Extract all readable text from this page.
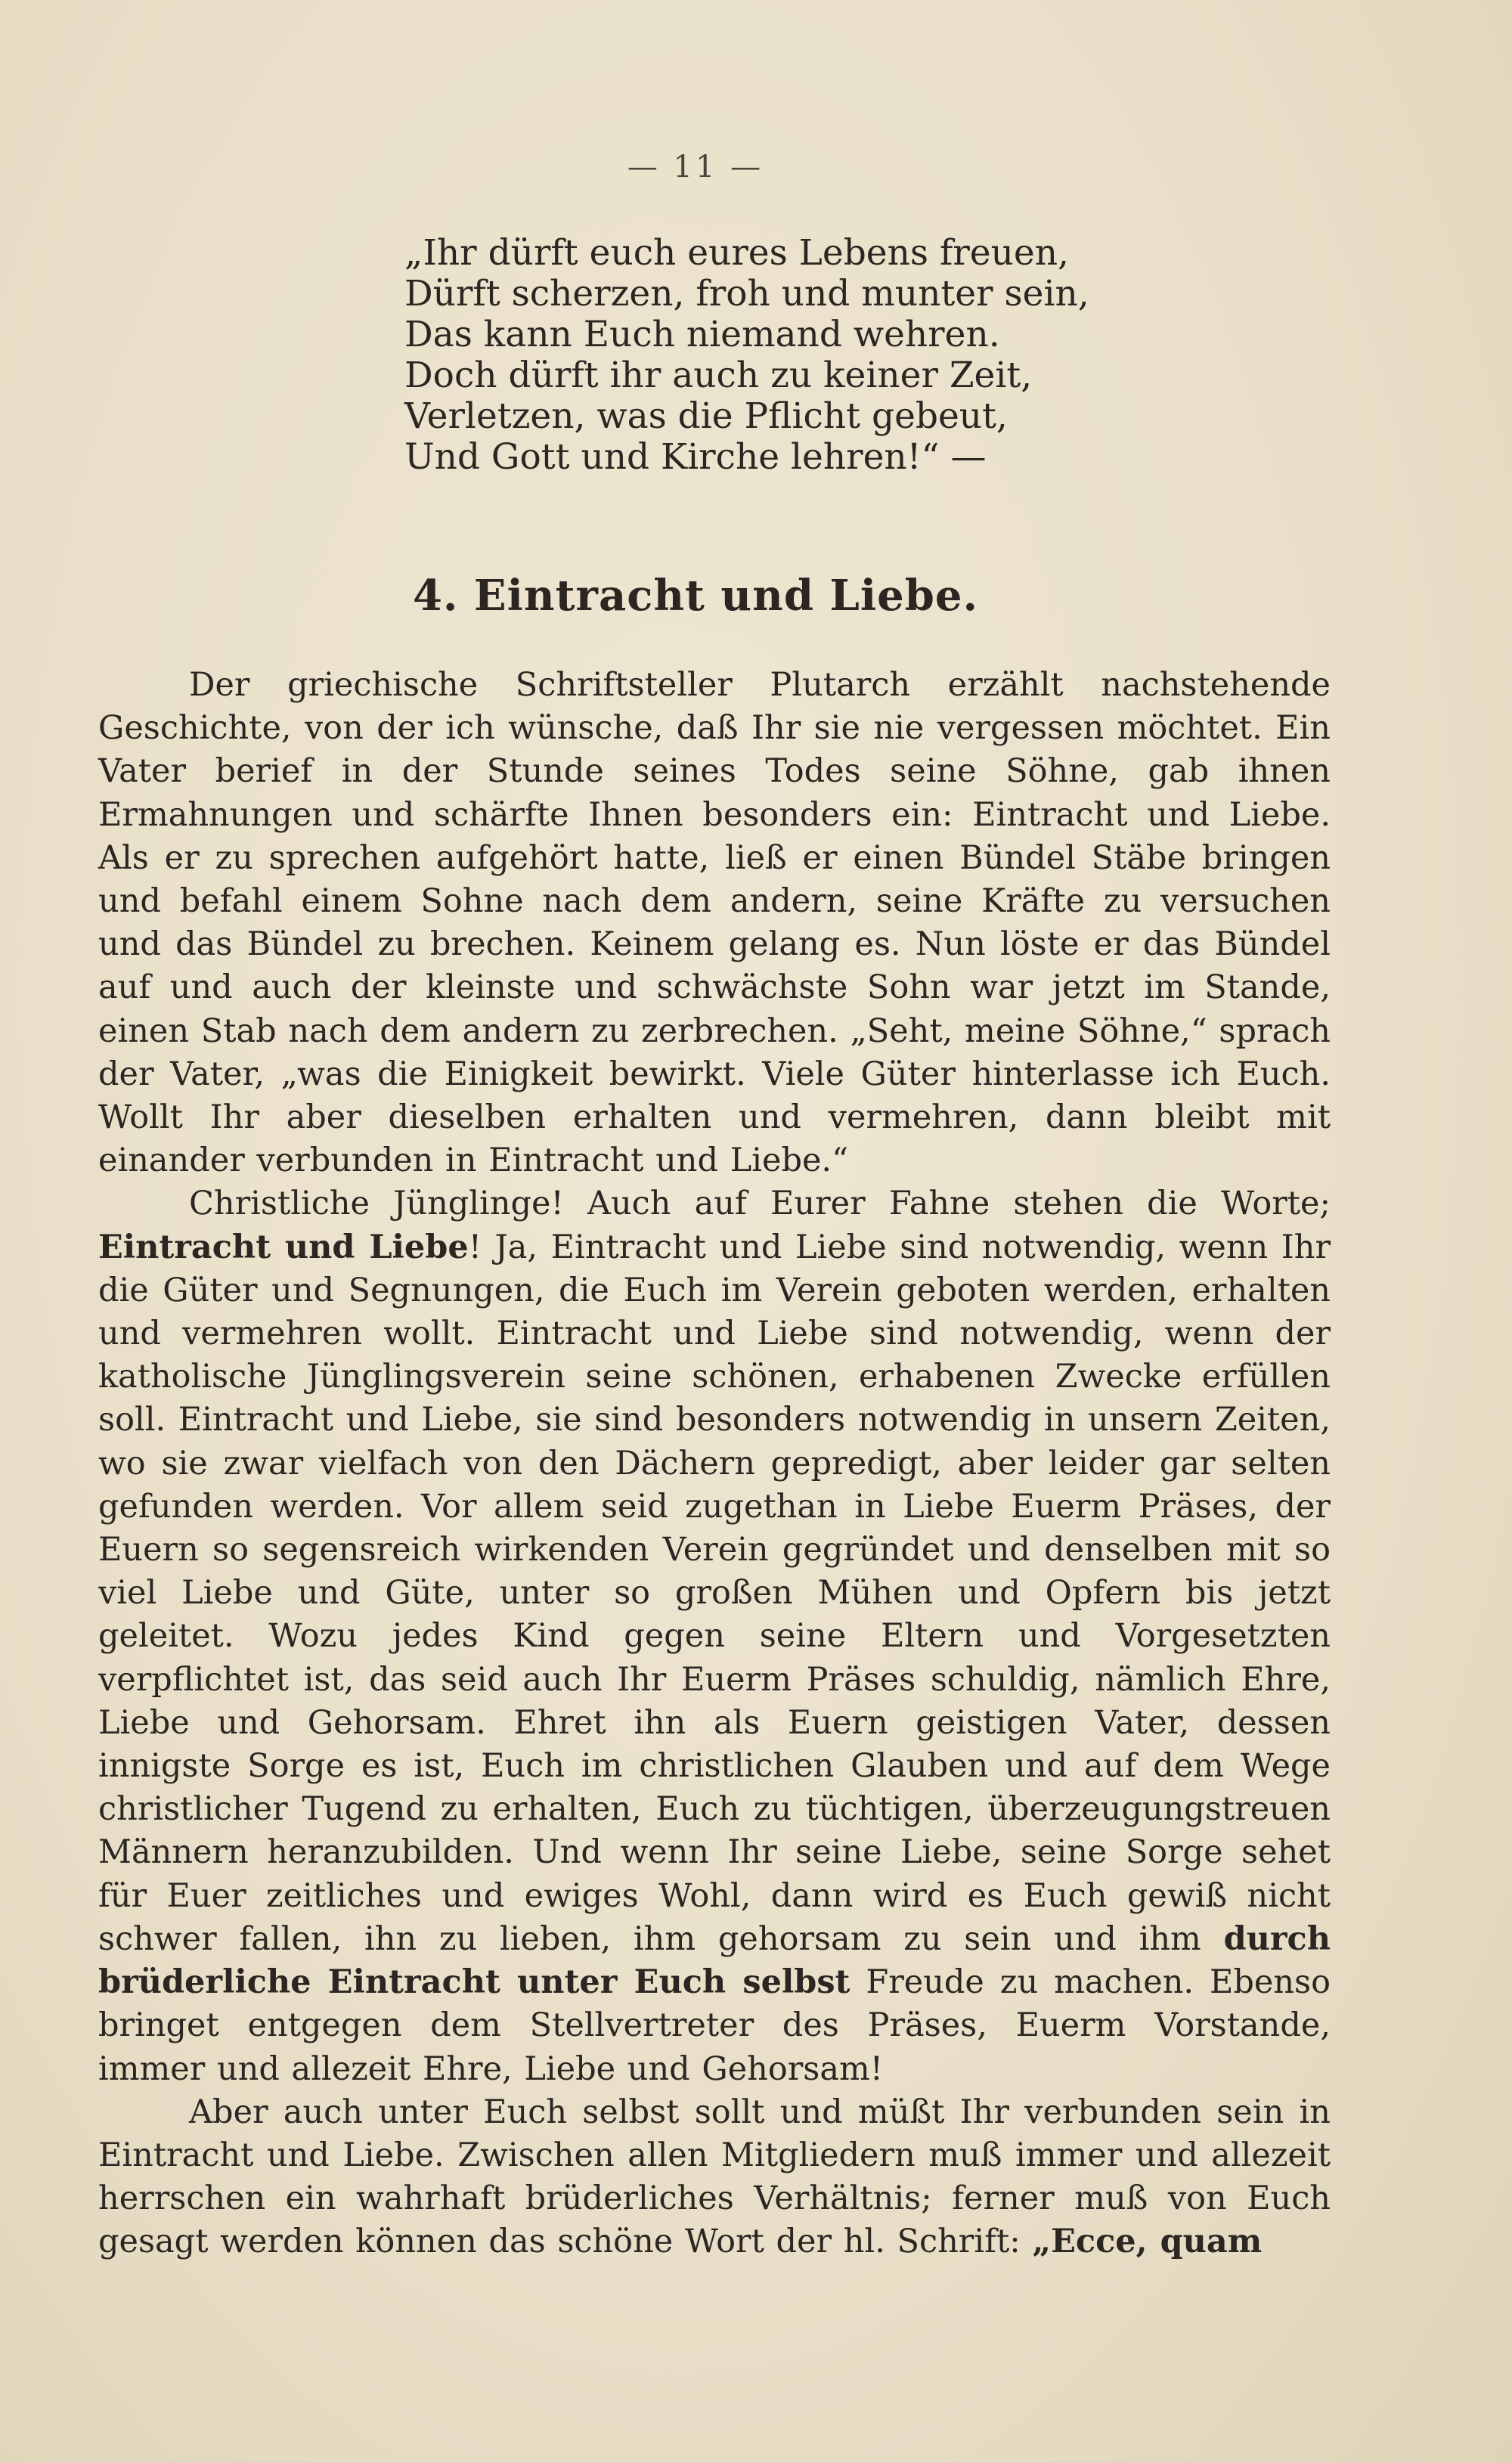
— 11 —
„Ihr dürft euch eures Lebens freuen,
Dürft scherzen, froh und munter sein,
Das kann Euch niemand wehren.
Doch dürft ihr auch zu keiner Zeit,
Verletzen, was die Pflicht gebeut,
Und Gott und Kirche lehren!“ —
4. Eintracht und Liebe.

Der griechische Schriftsteller Plutarch erzählt nachstehende Geschichte, von der ich wünsche, daß Ihr sie nie vergessen möchtet. Ein Vater berief in der Stunde seines Todes seine Söhne, gab ihnen Ermahnungen und schärfte Ihnen besonders ein: Eintracht und Liebe. Als er zu sprechen aufgehört hatte, ließ er einen Bündel Stäbe bringen und befahl einem Sohne nach dem andern, seine Kräfte zu versuchen und das Bündel zu brechen. Keinem gelang es. Nun löste er das Bündel auf und auch der kleinste und schwächste Sohn war jetzt im Stande, einen Stab nach dem andern zu zerbrechen. „Seht, meine Söhne,“ sprach der Vater, „was die Einigkeit bewirkt. Viele Güter hinterlasse ich Euch. Wollt Ihr aber dieselben erhalten und vermehren, dann bleibt mit einander verbunden in Eintracht und Liebe.“

Christliche Jünglinge! Auch auf Eurer Fahne stehen die Worte; Eintracht und Liebe! Ja, Eintracht und Liebe sind notwendig, wenn Ihr die Güter und Segnungen, die Euch im Verein geboten werden, erhalten und vermehren wollt. Eintracht und Liebe sind notwendig, wenn der katholische Jünglingsverein seine schönen, erhabenen Zwecke erfüllen soll. Eintracht und Liebe, sie sind besonders notwendig in unsern Zeiten, wo sie zwar vielfach von den Dächern gepredigt, aber leider gar selten gefunden werden. Vor allem seid zugethan in Liebe Euerm Präses, der Euern so segensreich wirkenden Verein gegründet und denselben mit so viel Liebe und Güte, unter so großen Mühen und Opfern bis jetzt geleitet. Wozu jedes Kind gegen seine Eltern und Vorgesetzten verpflichtet ist, das seid auch Ihr Euerm Präses schuldig, nämlich Ehre, Liebe und Gehorsam. Ehret ihn als Euern geistigen Vater, dessen innigste Sorge es ist, Euch im christlichen Glauben und auf dem Wege christlicher Tugend zu erhalten, Euch zu tüchtigen, überzeugungstreuen Männern heranzubilden. Und wenn Ihr seine Liebe, seine Sorge sehet für Euer zeitliches und ewiges Wohl, dann wird es Euch gewiß nicht schwer fallen, ihn zu lieben, ihm gehorsam zu sein und ihm durch brüderliche Eintracht unter Euch selbst Freude zu machen. Ebenso bringet entgegen dem Stellvertreter des Präses, Euerm Vorstande, immer und allezeit Ehre, Liebe und Gehorsam!

Aber auch unter Euch selbst sollt und müßt Ihr verbunden sein in Eintracht und Liebe. Zwischen allen Mitgliedern muß immer und allezeit herrschen ein wahrhaft brüderliches Verhältnis; ferner muß von Euch gesagt werden können das schöne Wort der hl. Schrift: „Ecce, quam
